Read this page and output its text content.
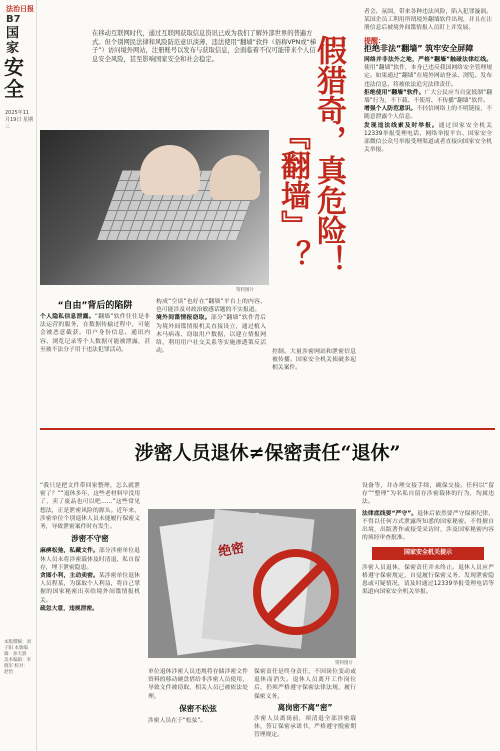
法治日报
B7
国家
安全
2025年11月19日 星期三
本版撰稿：刘子阳 本版编辑：孙天骄 美术编辑：李晓军 校对：赵怡
在移动互联网时代，通过互联网获取信息资讯已成为我们了解外部世界的普遍方式。但个别网民法律和风险防范意识淡薄，违法使用“翻墙”软件（俗称VPN或“梯子”）访问境外网站，注册账号以发布与获取信息，会面临着不仅可能带来个人信息安全风险，甚至影响国家安全和社会稳定。
资料图片
假猎奇，真危险！
『翻墙』？
“自由”背后的陷阱
个人隐私信息泄露。“翻墙”软件往往是非法运营的服务，在数据传输过程中，可能会被恶意截获。用户身份信息、通讯内容、浏览记录等个人数据可能被泄露，甚至被不法分子用于违法犯罪活动。
构成“空谈”也好在“翻墙”平台上的内容，也可能涉及对政治敏感话题的不实报道。
境外间谍情报窃取。部分“翻墙”软件背后为境外间谍情报机关直接设立，通过植入木马病毒、窃取用户数据，以建立情报网络，利用用户社交关系等实施渗透策反活动。	控制。大量涉密网站和泄密信息被传播。国家安全机关侦破多起相关案件。
者会、氛围，带来各种违法风险，陷入犯罪漩涡。某国企员工利用所谓境外翻墙软件出现，并且在注册信息后被境外间谍情报人员盯上并发展。
提醒：
拒绝非法“翻墙” 筑牢安全屏障
网络并非法外之地，严格“翻墙”触碰法律红线。使用“翻墙”软件，本身已违反我国网络安全管理规定。如果通过“翻墙”在境外网站登录、浏览、发布违法信息，将被依法追究法律责任。
拒绝使用“翻墙”软件。广大公民应当自觉抵制“翻墙”行为，不下载、不使用、不传播“翻墙”软件。
增强个人防范意识。不轻信网络上的不明链接，不随意泄露个人信息。
发现违法线索及时举报。通过国家安全机关12339举报受理电话、网络举报平台、国家安全部微信公众号举报受理渠道或者直接向国家安全机关举报。
涉密人员退休≠保密责任“退休”
“我只是把文件带回家整理，怎么就泄密了？”“退休多年，这些老材料早没用了，卖了废品也可以吧……”这些常见想法，正是泄密风险的源头。近年来，涉密单位个别退休人员未能履行保密义务，导致泄密案件时有发生。
涉密不守密
麻痹松弛，私藏文件。部分涉密单位退休人员未将涉密载体及时清退，私自留存，埋下泄密隐患。
贪图小利，主动卖密。某涉密单位退休人员程某，为谋取个人利益，将自己掌握的国家秘密出卖给境外间谍情报机关。
疏忽大意，违规泄密。
绝密
资料图片
单位退休涉密人员违规将存储涉密文件资料的移动硬盘借给非涉密人员使用，导致文件被窃取，相关人员已被依法处理。
保密不松弦
涉密人员在于“松弦”。
保密责任是终身责任，不因岗位变动或退休而消失。退休人员离开工作岗位后，仍须严格遵守保密法律法规，履行保密义务。
离岗密不离“密”
涉密人员离岗前，须清退全部涉密载体，签订保密承诺书，严格遵守脱密期管理规定。
设备等，并办理交接手续，确保交接。任何以“留存”“整理”为名私自留存涉密载体的行为，均属违法。
法律底线要“严守”。退休后依然要严守保密纪律，不得以任何方式泄露所知悉的国家秘密。不得擅自出境，出版著作或接受采访时，涉及国家秘密内容的须经审查批准。
国家安全机关提示
涉密人员退休，保密责任并未终止。退休人员应严格遵守保密规定，自觉履行保密义务，发现泄密隐患或可疑情况，请及时通过12339举报受理电话等渠道向国家安全机关举报。
